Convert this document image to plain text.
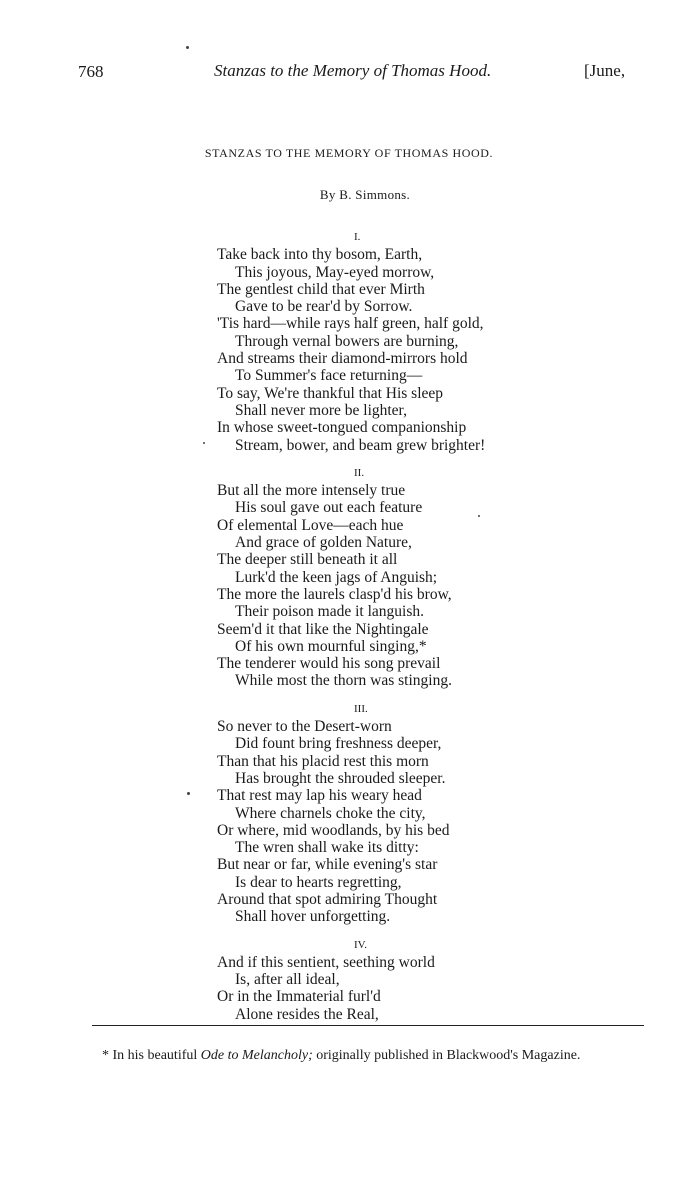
768	Stanzas to the Memory of Thomas Hood.	[June,
STANZAS TO THE MEMORY OF THOMAS HOOD.
By B. Simmons.
I.
Take back into thy bosom, Earth,
This joyous, May-eyed morrow,
The gentlest child that ever Mirth
Gave to be rear'd by Sorrow.
'Tis hard—while rays half green, half gold,
Through vernal bowers are burning,
And streams their diamond-mirrors hold
To Summer's face returning—
To say, We're thankful that His sleep
Shall never more be lighter,
In whose sweet-tongued companionship
Stream, bower, and beam grew brighter!
II.
But all the more intensely true
His soul gave out each feature
Of elemental Love—each hue
And grace of golden Nature,
The deeper still beneath it all
Lurk'd the keen jags of Anguish;
The more the laurels clasp'd his brow,
Their poison made it languish.
Seem'd it that like the Nightingale
Of his own mournful singing,*
The tenderer would his song prevail
While most the thorn was stinging.
III.
So never to the Desert-worn
Did fount bring freshness deeper,
Than that his placid rest this morn
Has brought the shrouded sleeper.
That rest may lap his weary head
Where charnels choke the city,
Or where, mid woodlands, by his bed
The wren shall wake its ditty:
But near or far, while evening's star
Is dear to hearts regretting,
Around that spot admiring Thought
Shall hover unforgetting.
IV.
And if this sentient, seething world
Is, after all ideal,
Or in the Immaterial furl'd
Alone resides the Real,
* In his beautiful Ode to Melancholy; originally published in Blackwood's Magazine.
